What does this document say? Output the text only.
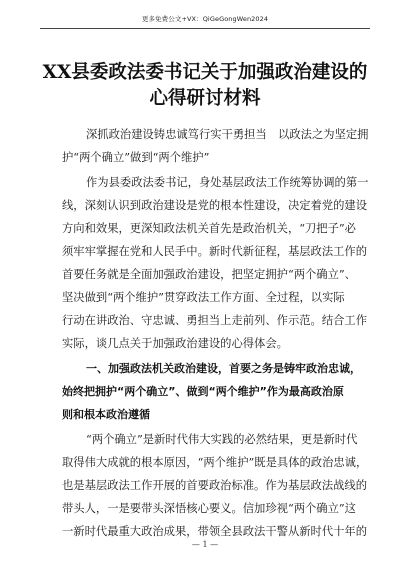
更多免费公文+VX：QiGeGongWen2024
XX县委政法委书记关于加强政治建设的
心得研讨材料
深抓政治建设铸忠诚笃行实干勇担当　以政法之为坚定拥
护“两个确立”做到“两个维护”
作为县委政法委书记，身处基层政法工作统筹协调的第一
线，深刻认识到政治建设是党的根本性建设，决定着党的建设
方向和效果，更深知政法机关首先是政治机关，“刀把子”必
须牢牢掌握在党和人民手中。新时代新征程，基层政法工作的
首要任务就是全面加强政治建设，把坚定拥护“两个确立”、
坚决做到“两个维护”贯穿政法工作方面、全过程，以实际
行动在讲政治、守忠诚、勇担当上走前列、作示范。结合工作
实际，谈几点关于加强政治建设的心得体会。
一、加强政法机关政治建设，首要之务是铸牢政治忠诚，
始终把拥护“两个确立”、做到“两个维护”作为最高政治原
则和根本政治遵循
“两个确立”是新时代伟大实践的必然结果，更是新时代
取得伟大成就的根本原因，“两个维护”既是具体的政治忠诚，
也是基层政法工作开展的首要政治标准。作为基层政法战线的
带头人，一是要带头深悟核心要义。信加珍视“两个确立”这
一新时代最重大政治成果，带领全县政法干警从新时代十年的
— 1 —
